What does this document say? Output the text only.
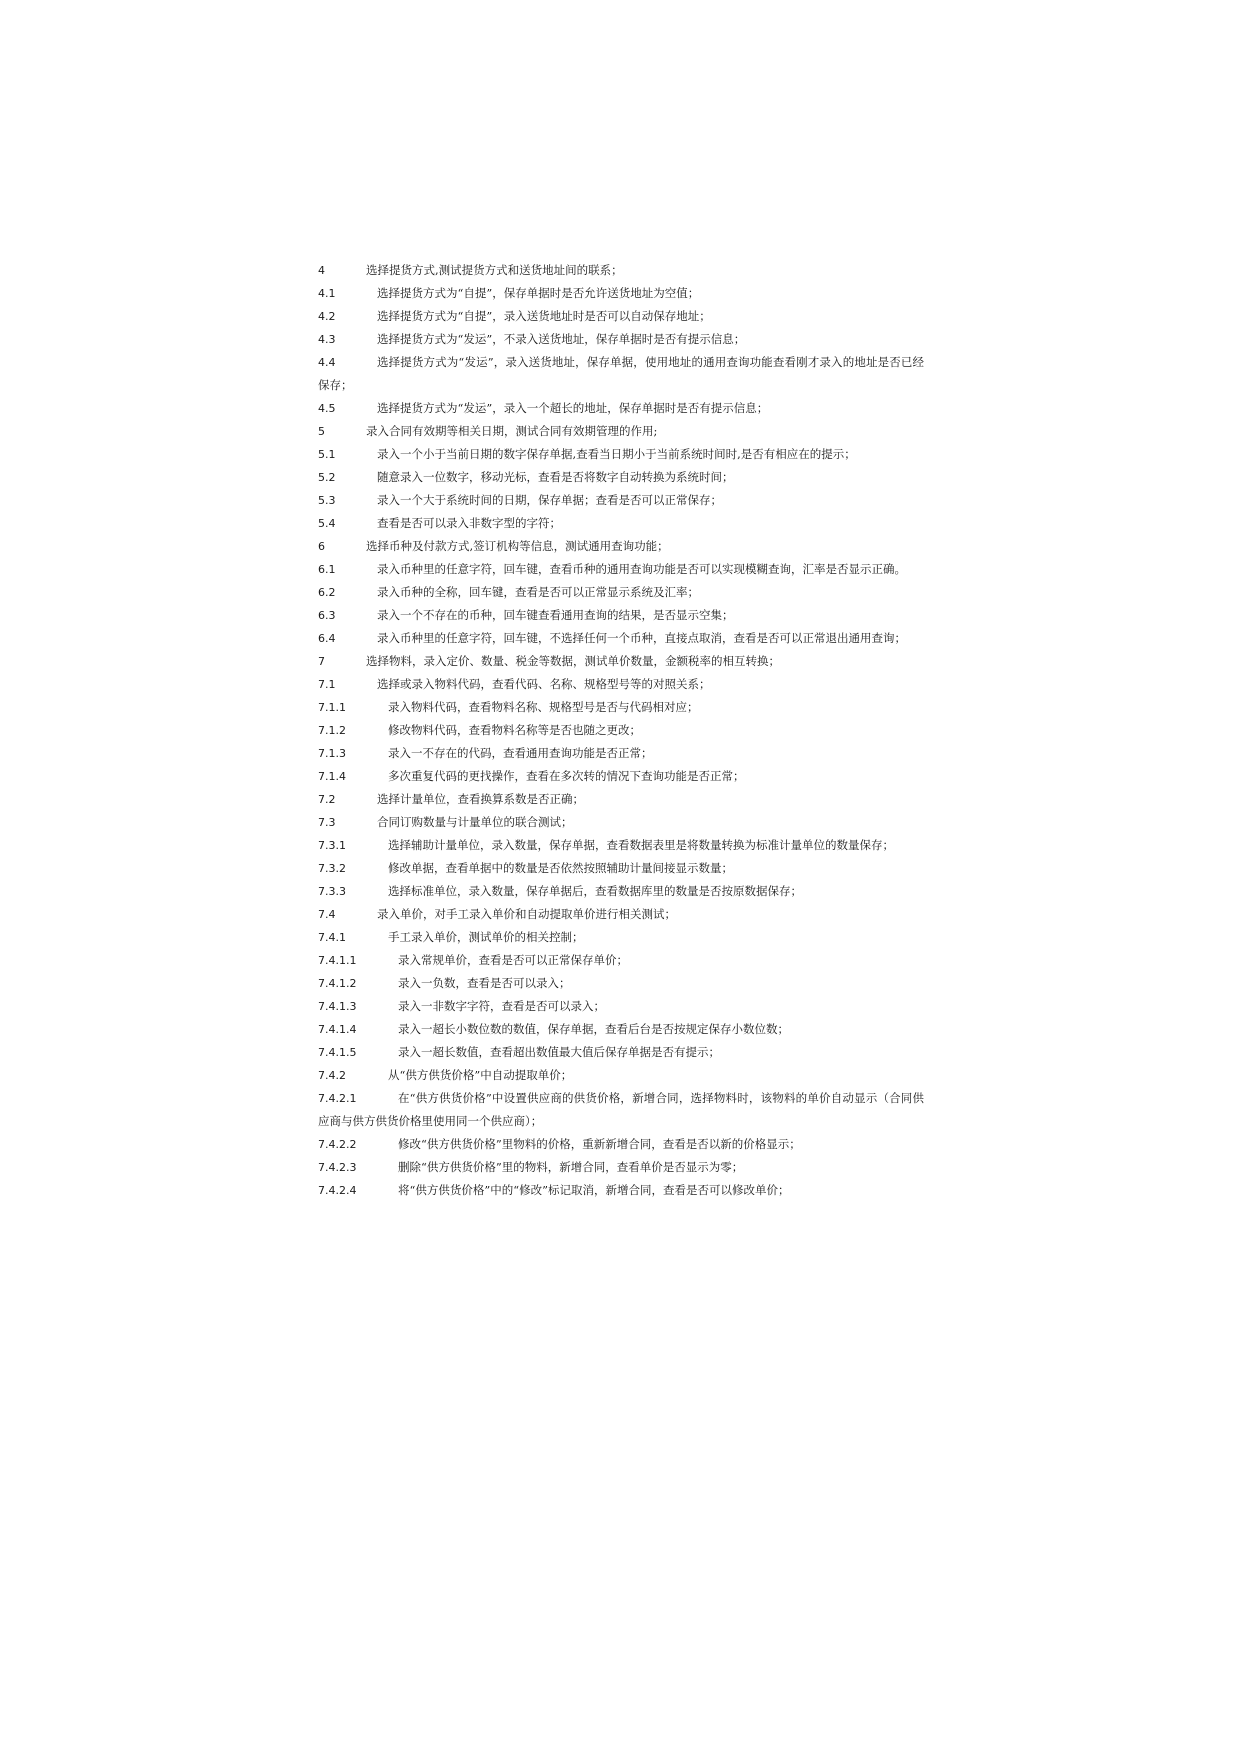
4	选择提货方式,测试提货方式和送货地址间的联系；

4.1	选择提货方式为“自提”，保存单据时是否允许送货地址为空值；

4.2	选择提货方式为“自提”，录入送货地址时是否可以自动保存地址；

4.3	选择提货方式为“发运”，不录入送货地址，保存单据时是否有提示信息；

4.4	选择提货方式为“发运”，录入送货地址，保存单据，使用地址的通用查询功能查看刚才录入的地址是否已经保存；

4.5	选择提货方式为“发运”，录入一个超长的地址，保存单据时是否有提示信息；

5	录入合同有效期等相关日期，测试合同有效期管理的作用;

5.1	录入一个小于当前日期的数字保存单据,查看当日期小于当前系统时间时,是否有相应在的提示；

5.2	随意录入一位数字，移动光标，查看是否将数字自动转换为系统时间；

5.3	录入一个大于系统时间的日期，保存单据；查看是否可以正常保存；

5.4	查看是否可以录入非数字型的字符；

6	选择币种及付款方式,签订机构等信息，测试通用查询功能；

6.1	录入币种里的任意字符，回车键，查看币种的通用查询功能是否可以实现模糊查询，汇率是否显示正确。

6.2	录入币种的全称，回车键，查看是否可以正常显示系统及汇率；

6.3	录入一个不存在的币种，回车键查看通用查询的结果，是否显示空集；

6.4	录入币种里的任意字符，回车键，不选择任何一个币种，直接点取消，查看是否可以正常退出通用查询；

7	选择物料，录入定价、数量、税金等数据，测试单价数量，金额税率的相互转换；

7.1	选择或录入物料代码，查看代码、名称、规格型号等的对照关系；

7.1.1	录入物料代码，查看物料名称、规格型号是否与代码相对应；

7.1.2	修改物料代码，查看物料名称等是否也随之更改；

7.1.3	录入一不存在的代码，查看通用查询功能是否正常；

7.1.4	多次重复代码的更找操作，查看在多次转的情况下查询功能是否正常；

7.2	选择计量单位，查看换算系数是否正确；

7.3	合同订购数量与计量单位的联合测试；

7.3.1	选择辅助计量单位，录入数量，保存单据，查看数据表里是将数量转换为标准计量单位的数量保存；

7.3.2	修改单据，查看单据中的数量是否依然按照辅助计量间接显示数量；

7.3.3	选择标准单位，录入数量，保存单据后，查看数据库里的数量是否按原数据保存；

7.4	录入单价，对手工录入单价和自动提取单价进行相关测试；

7.4.1	手工录入单价，测试单价的相关控制；

7.4.1.1	录入常规单价，查看是否可以正常保存单价；

7.4.1.2	录入一负数，查看是否可以录入；

7.4.1.3	录入一非数字字符，查看是否可以录入；

7.4.1.4	录入一超长小数位数的数值，保存单据，查看后台是否按规定保存小数位数；

7.4.1.5	录入一超长数值，查看超出数值最大值后保存单据是否有提示；

7.4.2	从“供方供货价格”中自动提取单价；

7.4.2.1	在“供方供货价格”中设置供应商的供货价格，新增合同，选择物料时，该物料的单价自动显示（合同供应商与供方供货价格里使用同一个供应商）；

7.4.2.2	修改“供方供货价格”里物料的价格，重新新增合同，查看是否以新的价格显示；

7.4.2.3	删除“供方供货价格”里的物料，新增合同，查看单价是否显示为零；

7.4.2.4	将“供方供货价格”中的“修改”标记取消，新增合同，查看是否可以修改单价；
